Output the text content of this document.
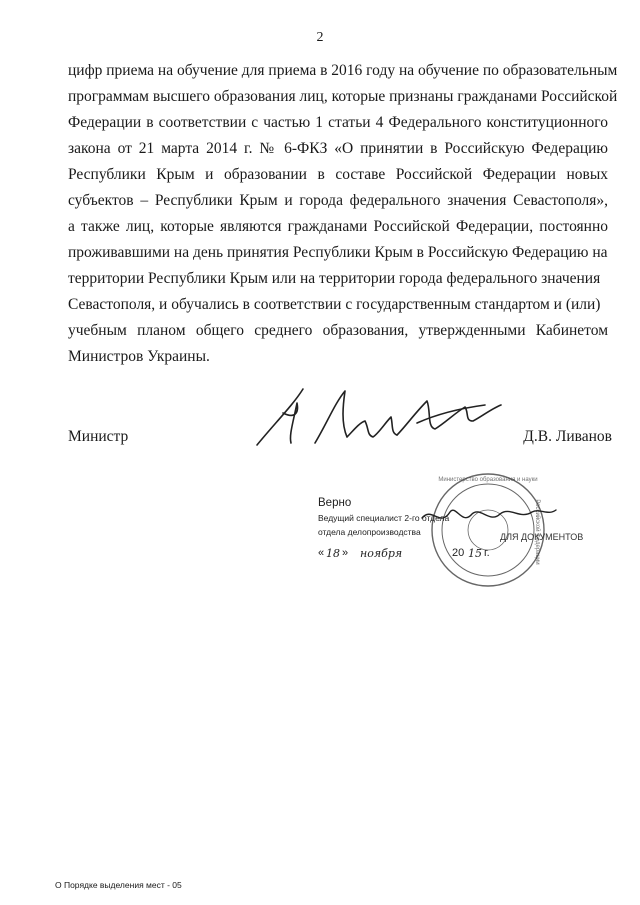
2
цифр приема на обучение для приема в 2016 году на обучение по образовательным
программам высшего образования лиц, которые признаны гражданами Российской
Федерации в соответствии с частью 1 статьи 4 Федерального конституционного
закона от 21 марта 2014 г. № 6-ФКЗ «О принятии в Российскую Федерацию
Республики Крым и образовании в составе Российской Федерации новых
субъектов – Республики Крым и города федерального значения Севастополя»,
а также лиц, которые являются гражданами Российской Федерации, постоянно
проживавшими на день принятия Республики Крым в Российскую Федерацию на
территории Республики Крым или на территории города федерального значения
Севастополя, и обучались в соответствии с государственным стандартом и (или)
учебным планом общего среднего образования, утвержденными Кабинетом
Министров Украины.
Министр	Д.В. Ливанов
Министерство образования и науки
Российской Федерации
ДЛЯ ДОКУМЕНТОВ
Верно
Ведущий специалист 2-го отдела
отдела делопроизводства
« 18 » ноября	20 15 г.
О Порядке выделения мест - 05
